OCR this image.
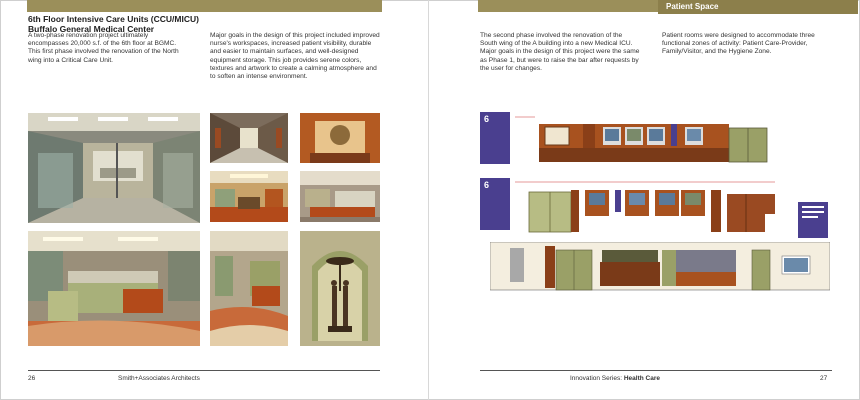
6th Floor Intensive Care Units (CCU/MICU)
Buffalo General Medical Center
A two-phase renovation project ultimately encompasses 20,000 s.f. of the 6th floor at BGMC. This first phase involved the renovation of the North wing into a Critical Care Unit.
Major goals in the design of this project included improved nurse's workspaces, increased patient visibility, durable and easier to maintain surfaces, and well-designed equipment storage. This job provides serene colors, textures and artwork to create a calming atmosphere and to soften an intense environment.
26	Smith+Associates Architects
Patient Space
The second phase involved the renovation of the South wing of the A building into a new Medical ICU. Major goals in the design of this project were the same as Phase 1, but were to raise the bar after requests by the user for changes.
Patient rooms were designed to accommodate three functional zones of activity: Patient Care-Provider, Family/Visitor, and the Hygiene Zone.
6
6
Innovation Series: Health Care	27
